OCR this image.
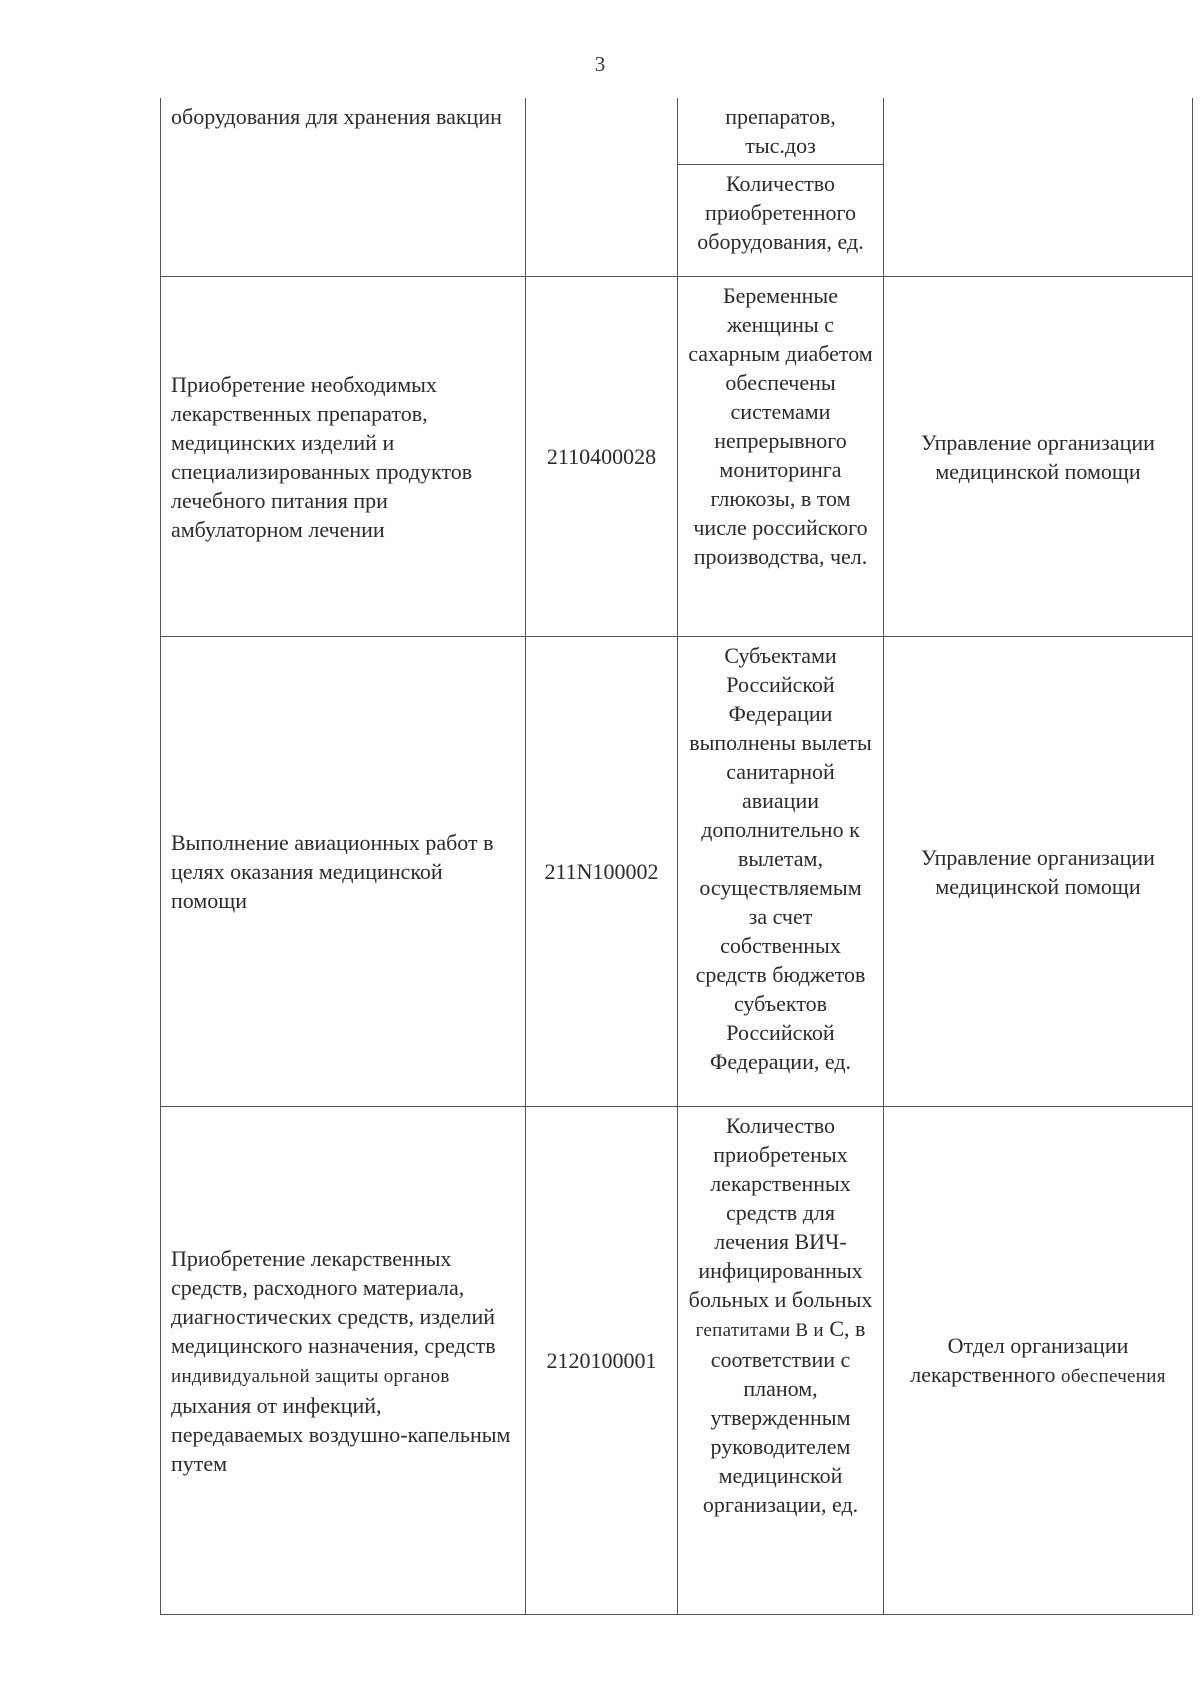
3
оборудования для хранения вакцин		препаратов, тыс.доз	
		Количество приобретенного оборудования, ед.	
Приобретение необходимых лекарственных препаратов, медицинских изделий и специализированных продуктов лечебного питания при амбулаторном лечении	2110400028	Беременные женщины с сахарным диабетом обеспечены системами непрерывного мониторинга глюкозы, в том числе российского производства, чел.	Управление организации медицинской помощи
Выполнение авиационных работ в целях оказания медицинской помощи	211N100002	Субъектами Российской Федерации выполнены вылеты санитарной авиации дополнительно к вылетам, осуществляемым за счет собственных средств бюджетов субъектов Российской Федерации, ед.	Управление организации медицинской помощи
Приобретение лекарственных средств, расходного материала, диагностических средств, изделий медицинского назначения, средств индивидуальной защиты органов дыхания от инфекций, передаваемых воздушно-капельным путем	2120100001	Количество приобретеных лекарственных средств для лечения ВИЧ-инфицированных больных и больных гепатитами В и С, в соответствии с планом, утвержденным руководителем медицинской организации, ед.	Отдел организации лекарственного обеспечения
